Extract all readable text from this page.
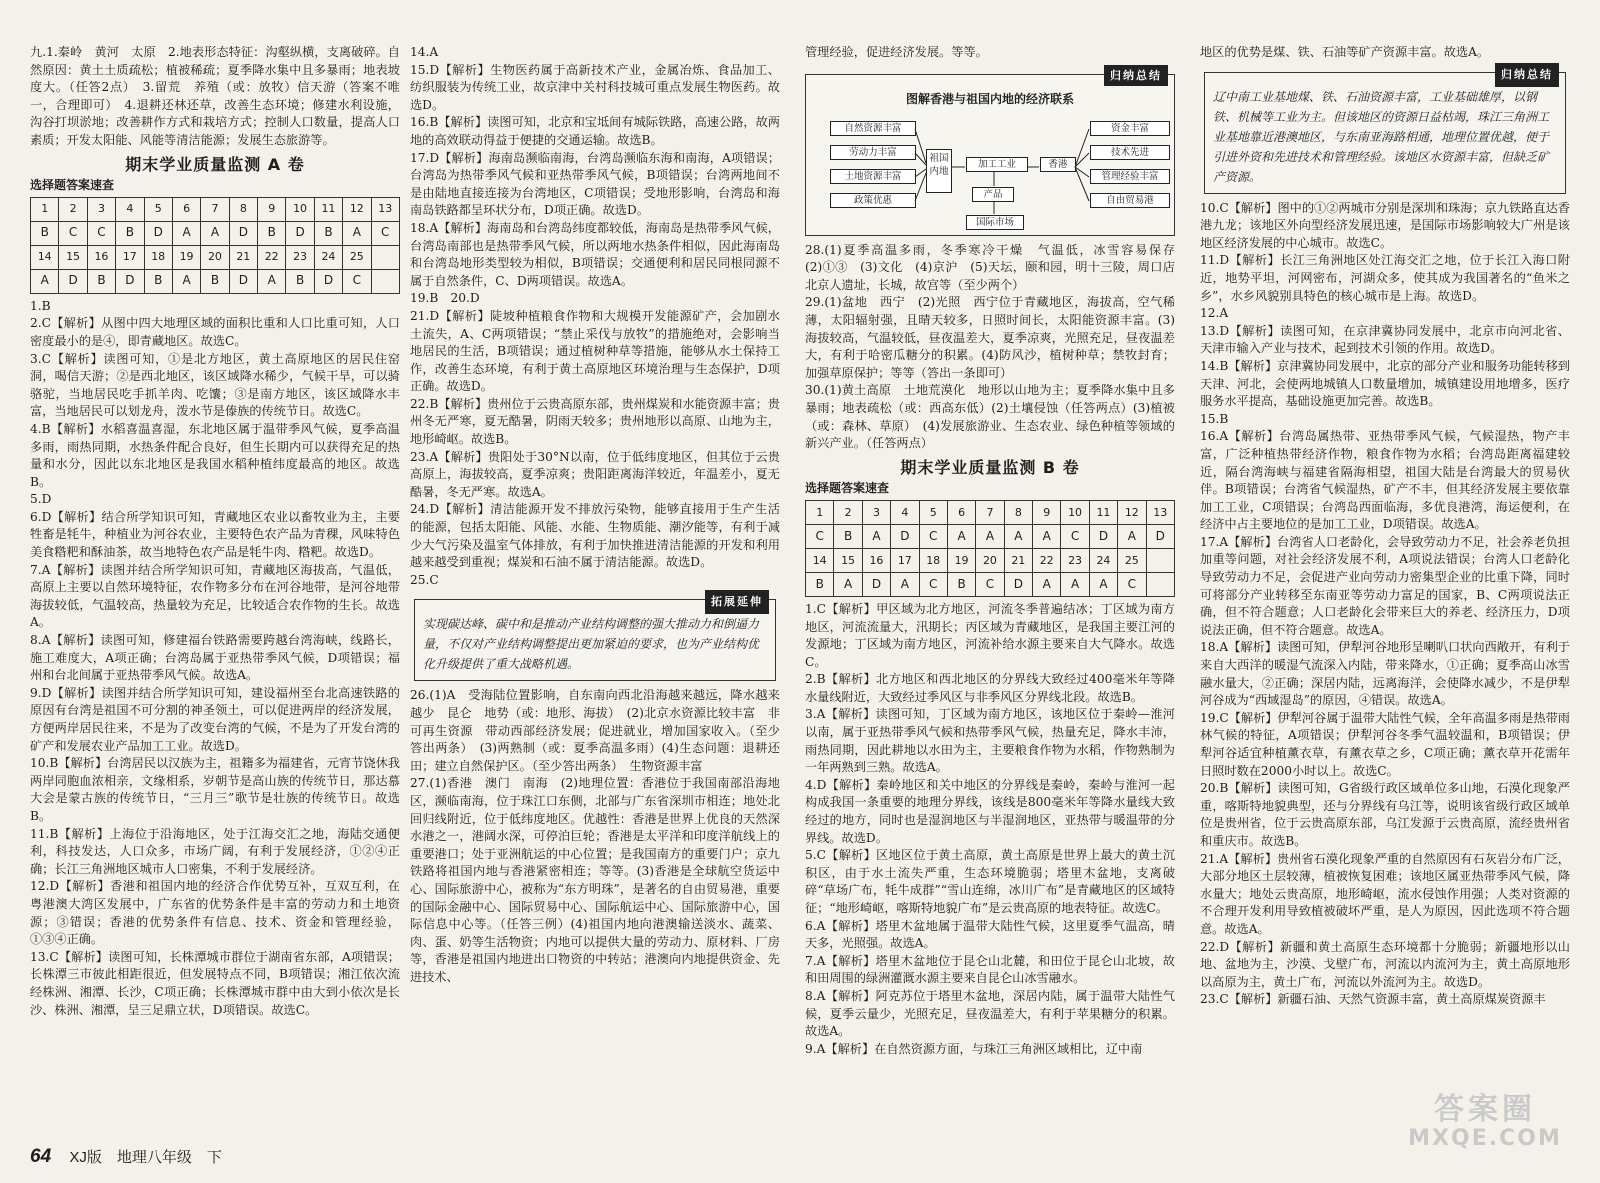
九.1.秦岭　黄河　太原　2.地表形态特征：沟壑纵横，支离破碎。自然原因：黄土土质疏松；植被稀疏；夏季降水集中且多暴雨；地表坡度大。（任答2点）　3.留荒　养殖（或：放牧）信天游（答案不唯一，合理即可）　4.退耕还林还草，改善生态环境；修建水利设施，沟谷打坝淤地；改善耕作方式和栽培方式；控制人口数量，提高人口素质；开发太阳能、风能等清洁能源；发展生态旅游等。

期末学业质量监测 A 卷
选择题答案速查
1	2	3	4	5	6	7	8	9	10	11	12	13
B	C	C	B	D	A	A	D	B	D	B	A	C
14	15	16	17	18	19	20	21	22	23	24	25	
A	D	B	D	B	A	B	D	A	B	D	C	

1.B

2.C【解析】从图中四大地理区域的面积比重和人口比重可知，人口密度最小的是④，即青藏地区。故选C。

3.C【解析】读图可知，①是北方地区，黄土高原地区的居民住窑洞，喝信天游；②是西北地区，该区域降水稀少，气候干旱，可以骑骆驼，当地居民吃手抓羊肉、吃馕；③是南方地区，该区域降水丰富，当地居民可以划龙舟，泼水节是傣族的传统节日。故选C。

4.B【解析】水稻喜温喜湿，东北地区属于温带季风气候，夏季高温多雨，雨热同期，水热条件配合良好，但生长期内可以获得充足的热量和水分，因此以东北地区是我国水稻种植纬度最高的地区。故选B。

5.D

6.D【解析】结合所学知识可知，青藏地区农业以畜牧业为主，主要牲畜是牦牛，种植业为河谷农业，主要特色农产品为青稞，风味特色美食糌粑和酥油茶，故当地特色农产品是牦牛肉、糌粑。故选D。

7.A【解析】读图并结合所学知识可知，青藏地区海拔高，气温低，高原上主要以自然环境特征，农作物多分布在河谷地带，是河谷地带海拔较低，气温较高，热量较为充足，比较适合农作物的生长。故选A。

8.A【解析】读图可知，修建福台铁路需要跨越台湾海峡，线路长，施工难度大，A项正确；台湾岛属于亚热带季风气候，D项错误；福州和台北间属于亚热带季风气候。故选A。

9.D【解析】读图并结合所学知识可知，建设福州至台北高速铁路的原因有台湾是祖国不可分割的神圣领土，可以促进两岸的经济发展，方便两岸居民往来，不是为了改变台湾的气候，不是为了开发台湾的矿产和发展农业产品加工工业。故选D。

10.B【解析】台湾居民以汉族为主，祖籍多为福建省，元宵节饶休我两岸同胞血浓相亲，文缘相系，岁朝节是高山族的传统节日，那达慕大会是蒙古族的传统节日，“三月三”歌节是壮族的传统节日。故选B。

11.B【解析】上海位于沿海地区，处于江海交汇之地，海陆交通便利，科技发达，人口众多，市场广阔，有利于发展经济，①②④正确；长江三角洲地区城市人口密集，不利于发展经济。

12.D【解析】香港和祖国内地的经济合作优势互补，互双互利，在粤港澳大湾区发展中，广东省的优势条件是丰富的劳动力和土地资源；③错误；香港的优势条件有信息、技术、资金和管理经验，①③④正确。

13.C【解析】读图可知，长株潭城市群位于湖南省东部，A项错误；长株潭三市彼此相距很近，但发展特点不同，B项错误；湘江依次流经株洲、湘潭、长沙，C项正确；长株潭城市群中由大到小依次是长沙、株洲、湘潭，呈三足鼎立状，D项错误。故选C。

14.A

15.D【解析】生物医药属于高新技术产业，金属冶炼、食品加工、纺织服装为传统工业，故京津中关村科技城可重点发展生物医药。故选D。

16.B【解析】读图可知，北京和宝坻间有城际铁路，高速公路，故两地的高效联动得益于便捷的交通运输。故选B。

17.D【解析】海南岛濒临南海，台湾岛濒临东海和南海，A项错误；台湾岛为热带季风气候和亚热带季风气候，B项错误；台湾两地间不是由陆地直接连接为台湾地区，C项错误；受地形影响，台湾岛和海南岛铁路都呈环状分布，D项正确。故选D。

18.A【解析】海南岛和台湾岛纬度都较低，海南岛是热带季风气候，台湾岛南部也是热带季风气候，所以两地水热条件相似，因此海南岛和台湾岛地形类型较为相似，B项错误；交通便利和居民同根同源不属于自然条件，C、D两项错误。故选A。

19.B　20.D

21.D【解析】陡坡种植粮食作物和大规模开发能源矿产，会加剧水土流失，A、C两项错误；“禁止采伐与放牧”的措施绝对，会影响当地居民的生活，B项错误；通过植树种草等措施，能够从水土保持工作，改善生态环境，有利于黄土高原地区环境治理与生态保护，D项正确。故选D。

22.B【解析】贵州位于云贵高原东部，贵州煤炭和水能资源丰富；贵州冬无严寒，夏无酷暑，阴雨天较多；贵州地形以高原、山地为主，地形崎岖。故选B。

23.A【解析】贵阳处于30°N以南，位于低纬度地区，但其位于云贵高原上，海拔较高，夏季凉爽；贵阳距离海洋较近，年温差小，夏无酷暑，冬无严寒。故选A。

24.D【解析】清洁能源开发不排放污染物，能够直接用于生产生活的能源，包括太阳能、风能、水能、生物质能、潮汐能等，有利于减少大气污染及温室气体排放，有利于加快推进清洁能源的开发和利用越来越受到重视；煤炭和石油不属于清洁能源。故选D。

25.C

拓展延伸
实现碳达峰、碳中和是推动产业结构调整的强大推动力和倒逼力量，不仅对产业结构调整提出更加紧迫的要求，也为产业结构优化升级提供了重大战略机遇。

26.(1)A　受海陆位置影响，自东南向西北沿海越来越远，降水越来越少　昆仑　地势（或：地形、海拔）　(2)北京水资源比较丰富　非可再生资源　带动西部经济发展；促进就业，增加国家收入。（至少答出两条）　(3)两熟制（或：夏季高温多雨）(4)生态问题：退耕还田；建立自然保护区。（至少答出两条）　生物资源丰富

27.(1)香港　澳门　南海　(2)地理位置：香港位于我国南部沿海地区，濒临南海，位于珠江口东侧，北部与广东省深圳市相连；地处北回归线附近，位于低纬度地区。优越性：香港是世界上优良的天然深水港之一，港阔水深，可停泊巨轮；香港是太平洋和印度洋航线上的重要港口；处于亚洲航运的中心位置；是我国南方的重要门户；京九铁路将祖国内地与香港紧密相连；等等。(3)香港是全球航空货运中心、国际旅游中心，被称为“东方明珠”，是著名的自由贸易港，重要的国际金融中心、国际贸易中心、国际航运中心、国际旅游中心，国际信息中心等。（任答三例）(4)祖国内地向港澳输送淡水、蔬菜、肉、蛋、奶等生活物资；内地可以提供大量的劳动力、原材料、厂房等，香港是祖国内地进出口物资的中转站；港澳向内地提供资金、先进技术、

管理经验，促进经济发展。等等。

归纳总结
图解香港与祖国内地的经济联系
自然资源丰富
劳动力丰富
土地资源丰富
政策优惠
祖国内地
加工工业	香港
产品
国际市场
资金丰富
技术先进
管理经验丰富
自由贸易港

28.(1)夏季高温多雨，冬季寒冷干燥　气温低，冰雪容易保存　(2)①③　(3)文化　(4)京沪　(5)天坛，颐和园，明十三陵，周口店北京人遗址，长城，故宫等（至少两个）

29.(1)盆地　西宁　(2)光照　西宁位于青藏地区，海拔高，空气稀薄，太阳辐射强，且晴天较多，日照时间长，太阳能资源丰富。(3)海拔较高，气温较低，昼夜温差大，夏季凉爽，光照充足，昼夜温差大，有利于哈密瓜糖分的积累。(4)防风沙，植树种草；禁牧封育；加强草原保护；等等（答出一条即可）

30.(1)黄土高原　土地荒漠化　地形以山地为主；夏季降水集中且多暴雨；地表疏松（或：西高东低）(2)土壤侵蚀（任答两点）(3)植被（或：森林、草原）　(4)发展旅游业、生态农业、绿色种植等领域的新兴产业。（任答两点）

期末学业质量监测 B 卷
选择题答案速查
1	2	3	4	5	6	7	8	9	10	11	12	13
C	B	A	D	C	A	A	A	A	C	D	A	D
14	15	16	17	18	19	20	21	22	23	24	25	
B	A	D	A	C	B	C	D	A	A	A	C	

1.C【解析】甲区域为北方地区，河流冬季普遍结冰；丁区域为南方地区，河流流量大，汛期长；丙区域为青藏地区，是我国主要江河的发源地；丁区域为南方地区，河流补给水源主要来自大气降水。故选C。

2.B【解析】北方地区和西北地区的分界线大致经过400毫米年等降水量线附近，大致经过季风区与非季风区分界线北段。故选B。

3.A【解析】读图可知，丁区域为南方地区，该地区位于秦岭—淮河以南，属于亚热带季风气候和热带季风气候，热量充足，降水丰沛，雨热同期，因此耕地以水田为主，主要粮食作物为水稻，作物熟制为一年两熟到三熟。故选A。

4.D【解析】秦岭地区和关中地区的分界线是秦岭，秦岭与淮河一起构成我国一条重要的地理分界线，该线是800毫米年等降水量线大致经过的地方，同时也是湿润地区与半湿润地区，亚热带与暖温带的分界线。故选D。

5.C【解析】区地区位于黄土高原，黄土高原是世界上最大的黄土沉积区，由于水土流失严重，生态环境脆弱；塔里木盆地，支离破碎“草场广布，牦牛成群”“雪山连绵，冰川广布”是青藏地区的区域特征；“地形崎岖，喀斯特地貌广布”是云贵高原的地表特征。故选C。

6.A【解析】塔里木盆地属于温带大陆性气候，这里夏季气温高，晴天多，光照强。故选A。

7.A【解析】塔里木盆地位于昆仑山北麓，和田位于昆仑山北坡，故和田周围的绿洲灌溉水源主要来自昆仑山冰雪融水。

8.A【解析】阿克苏位于塔里木盆地，深居内陆，属于温带大陆性气候，夏季云量少，光照充足，昼夜温差大，有利于苹果糖分的积累。故选A。

9.A【解析】在自然资源方面，与珠江三角洲区域相比，辽中南

地区的优势是煤、铁、石油等矿产资源丰富。故选A。

归纳总结
辽中南工业基地煤、铁、石油资源丰富，工业基础雄厚，以钢铁、机械等工业为主。但该地区的资源日益枯竭，珠江三角洲工业基地靠近港澳地区，与东南亚海路相通，地理位置优越，便于引进外资和先进技术和管理经验。该地区水资源丰富，但缺乏矿产资源。

10.C【解析】图中的①②两城市分别是深圳和珠海；京九铁路直达香港九龙；该地区外向型经济发展迅速，是国际市场影响较大广州是该地区经济发展的中心城市。故选C。

11.D【解析】长江三角洲地区处江海交汇之地，位于长江入海口附近，地势平坦，河网密布，河湖众多，使其成为我国著名的“鱼米之乡”，水乡风貌别具特色的核心城市是上海。故选D。

12.A

13.D【解析】读图可知，在京津冀协同发展中，北京市向河北省、天津市输入产业与技术，起到技术引领的作用。故选D。

14.B【解析】京津冀协同发展中，北京的部分产业和服务功能转移到天津、河北，会使两地城镇人口数量增加，城镇建设用地增多，医疗服务水平提高，基础设施更加完善。故选B。

15.B

16.A【解析】台湾岛属热带、亚热带季风气候，气候湿热，物产丰富，广泛种植热带经济作物，粮食作物为水稻；台湾岛距离福建较近，隔台湾海峡与福建省隔海相望，祖国大陆是台湾最大的贸易伙伴。B项错误；台湾省气候湿热，矿产不丰，但其经济发展主要依靠加工工业，C项错误；台湾岛西面临海，多优良港湾，海运便利，在经济中占主要地位的是加工工业，D项错误。故选A。

17.A【解析】台湾省人口老龄化，会导致劳动力不足，社会养老负担加重等问题，对社会经济发展不利，A项说法错误；台湾人口老龄化导致劳动力不足，会促进产业向劳动力密集型企业的比重下降，同时可将部分产业转移至东南亚等劳动力富足的国家，B、C两项说法正确，但不符合题意；人口老龄化会带来巨大的养老、经济压力，D项说法正确，但不符合题意。故选A。

18.A【解析】读图可知，伊犁河谷地形呈喇叭口状向西敞开，有利于来自大西洋的暖湿气流深入内陆，带来降水，①正确；夏季高山冰雪融水量大，②正确；深居内陆，远离海洋，会使降水减少，不是伊犁河谷成为“西域湿岛”的原因，④错误。故选A。

19.C【解析】伊犁河谷属于温带大陆性气候，全年高温多雨是热带雨林气候的特征，A项错误；伊犁河谷冬季气温较温和，B项错误；伊犁河谷适宜种植薰衣草，有薰衣草之乡，C项正确；薰衣草开花需年日照时数在2000小时以上。故选C。

20.B【解析】读图可知，G省级行政区域单位多山地，石漠化现象严重，喀斯特地貌典型，还与分界线有乌江等，说明该省级行政区域单位是贵州省，位于云贵高原东部，乌江发源于云贵高原，流经贵州省和重庆市。故选B。

21.A【解析】贵州省石漠化现象严重的自然原因有石灰岩分布广泛，大部分地区土层较薄，植被恢复困难；该地区属亚热带季风气候，降水量大；地处云贵高原，地形崎岖，流水侵蚀作用强；人类对资源的不合理开发利用导致植被破坏严重，是人为原因，因此选项不符合题意。故选A。

22.D【解析】新疆和黄土高原生态环境都十分脆弱；新疆地形以山地、盆地为主，沙漠、戈壁广布，河流以内流河为主，黄土高原地形以高原为主，黄土广布，河流以外流河为主。故选D。

23.C【解析】新疆石油、天然气资源丰富，黄土高原煤炭资源丰

64 XJ版　地理八年级　下
答案圈
MXQE.COM
